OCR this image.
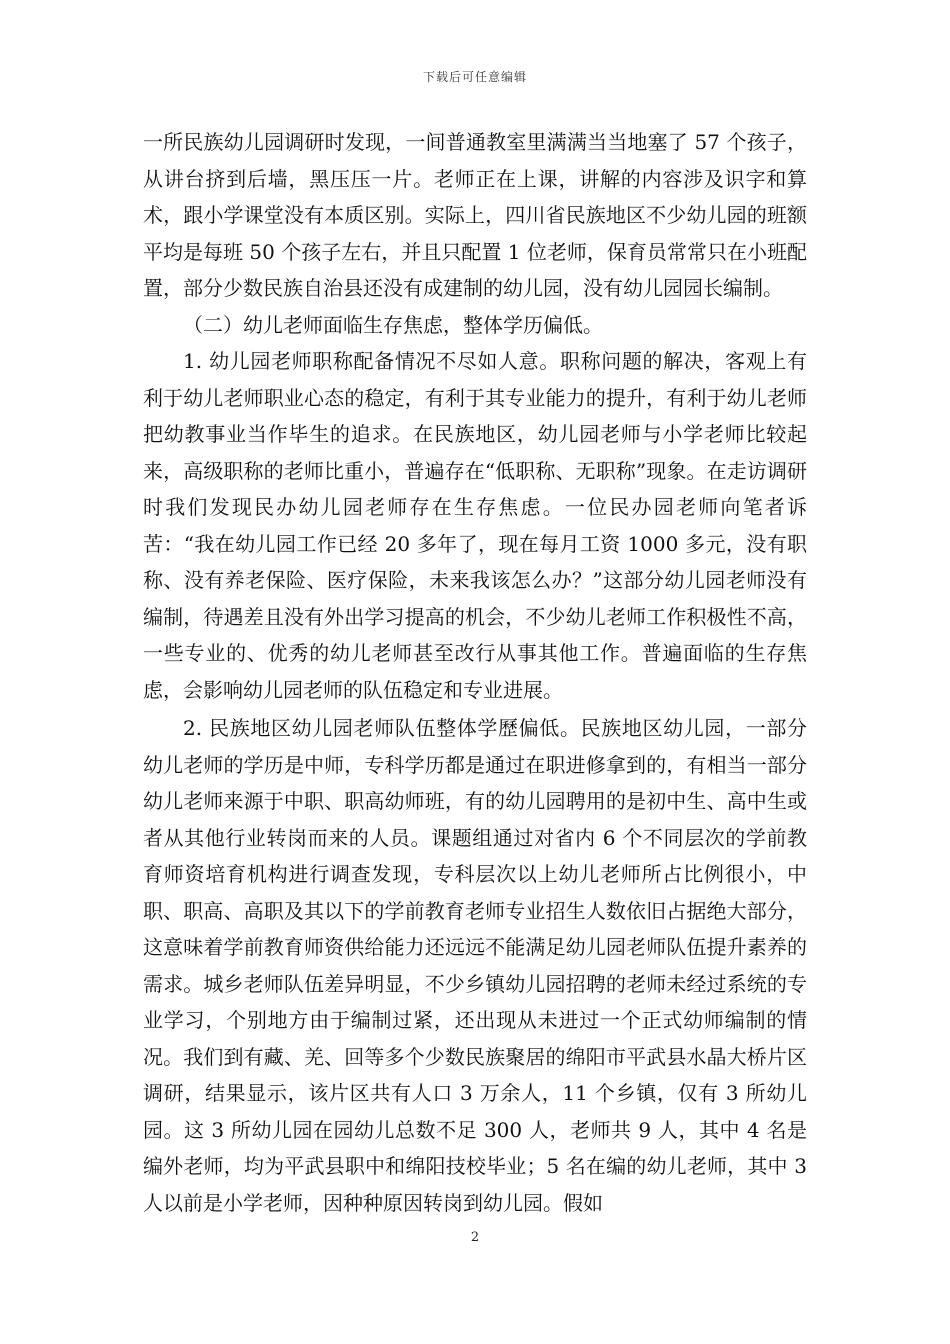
下载后可任意编辑

一所民族幼儿园调研时发现，一间普通教室里满满当当地塞了 57 个孩子，从讲台挤到后墙，黑压压一片。老师正在上课，讲解的内容涉及识字和算术，跟小学课堂没有本质区别。实际上，四川省民族地区不少幼儿园的班额平均是每班 50 个孩子左右，并且只配置 1 位老师，保育员常常只在小班配置，部分少数民族自治县还没有成建制的幼儿园，没有幼儿园园长编制。

（二）幼儿老师面临生存焦虑，整体学历偏低。

1. 幼儿园老师职称配备情况不尽如人意。职称问题的解决，客观上有利于幼儿老师职业心态的稳定，有利于其专业能力的提升，有利于幼儿老师把幼教事业当作毕生的追求。在民族地区，幼儿园老师与小学老师比较起来，高级职称的老师比重小，普遍存在“低职称、无职称”现象。在走访调研时我们发现民办幼儿园老师存在生存焦虑。一位民办园老师向笔者诉苦：“我在幼儿园工作已经 20 多年了，现在每月工资 1000 多元，没有职称、没有养老保险、医疗保险，未来我该怎么办？”这部分幼儿园老师没有编制，待遇差且没有外出学习提高的机会，不少幼儿老师工作积极性不高，一些专业的、优秀的幼儿老师甚至改行从事其他工作。普遍面临的生存焦虑，会影响幼儿园老师的队伍稳定和专业进展。

2. 民族地区幼儿园老师队伍整体学歷偏低。民族地区幼儿园，一部分幼儿老师的学历是中师，专科学历都是通过在职进修拿到的，有相当一部分幼儿老师来源于中职、职高幼师班，有的幼儿园聘用的是初中生、高中生或者从其他行业转岗而来的人员。课题组通过对省内 6 个不同层次的学前教育师资培育机构进行调查发现，专科层次以上幼儿老师所占比例很小，中职、职高、高职及其以下的学前教育老师专业招生人数依旧占据绝大部分，这意味着学前教育师资供给能力还远远不能满足幼儿园老师队伍提升素养的需求。城乡老师队伍差异明显，不少乡镇幼儿园招聘的老师未经过系统的专业学习，个别地方由于编制过紧，还出现从未进过一个正式幼师编制的情况。我们到有藏、羌、回等多个少数民族聚居的绵阳市平武县水晶大桥片区调研，结果显示，该片区共有人口 3 万余人，11 个乡镇，仅有 3 所幼儿园。这 3 所幼儿园在园幼儿总数不足 300 人，老师共 9 人，其中 4 名是编外老师，均为平武县职中和绵阳技校毕业；5 名在编的幼儿老师，其中 3 人以前是小学老师，因种种原因转岗到幼儿园。假如

2
